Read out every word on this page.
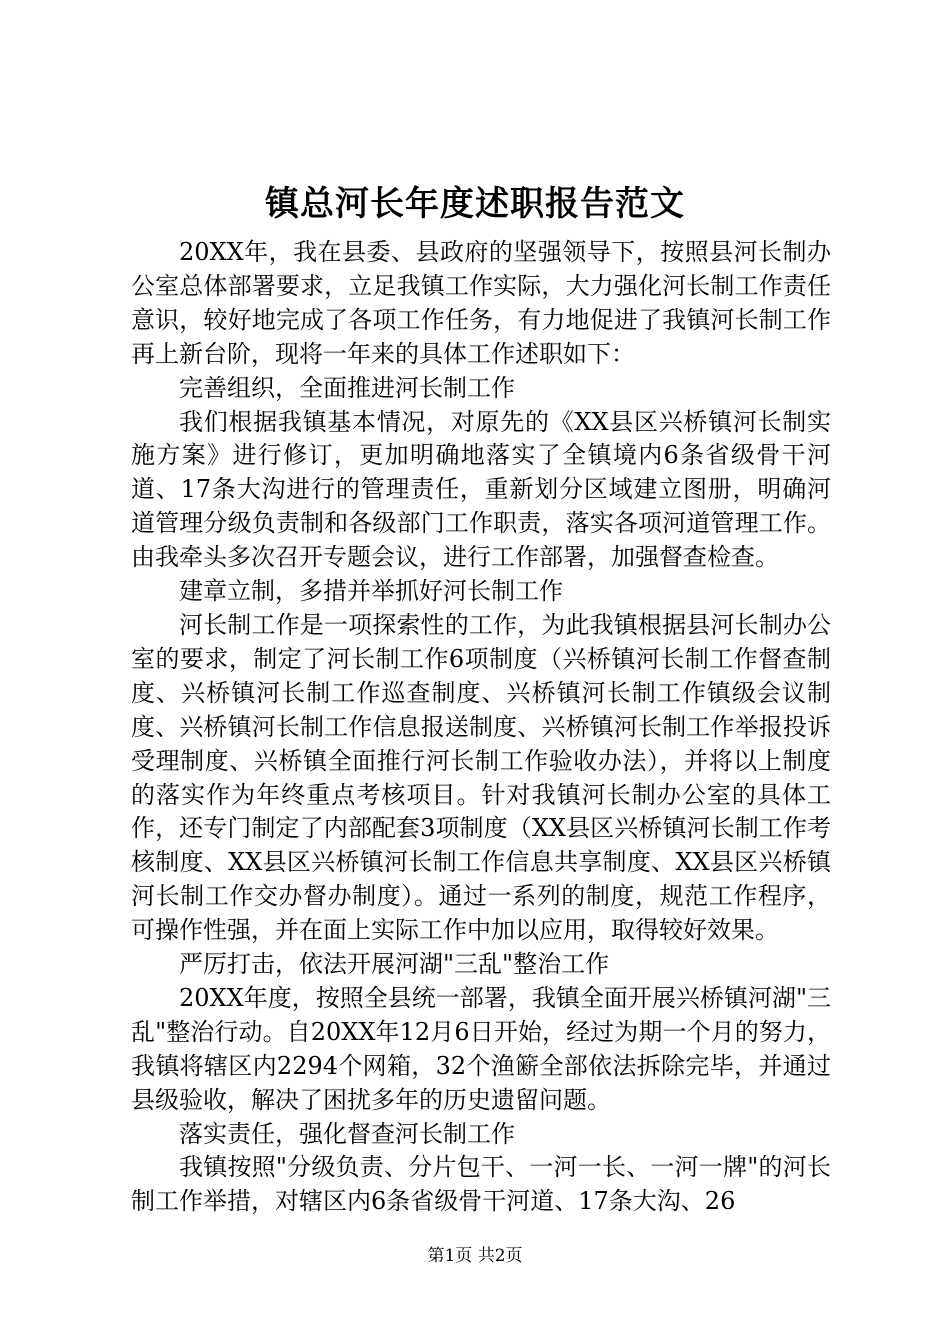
镇总河长年度述职报告范文

20XX年，我在县委、县政府的坚强领导下，按照县河长制办公室总体部署要求，立足我镇工作实际，大力强化河长制工作责任意识，较好地完成了各项工作任务，有力地促进了我镇河长制工作再上新台阶，现将一年来的具体工作述职如下：

完善组织，全面推进河长制工作

我们根据我镇基本情况，对原先的《XX县区兴桥镇河长制实施方案》进行修订，更加明确地落实了全镇境内6条省级骨干河道、17条大沟进行的管理责任，重新划分区域建立图册，明确河道管理分级负责制和各级部门工作职责，落实各项河道管理工作。由我牵头多次召开专题会议，进行工作部署，加强督查检查。

建章立制，多措并举抓好河长制工作

河长制工作是一项探索性的工作，为此我镇根据县河长制办公室的要求，制定了河长制工作6项制度（兴桥镇河长制工作督查制度、兴桥镇河长制工作巡查制度、兴桥镇河长制工作镇级会议制度、兴桥镇河长制工作信息报送制度、兴桥镇河长制工作举报投诉受理制度、兴桥镇全面推行河长制工作验收办法），并将以上制度的落实作为年终重点考核项目。针对我镇河长制办公室的具体工作，还专门制定了内部配套3项制度（XX县区兴桥镇河长制工作考核制度、XX县区兴桥镇河长制工作信息共享制度、XX县区兴桥镇河长制工作交办督办制度）。通过一系列的制度，规范工作程序，可操作性强，并在面上实际工作中加以应用，取得较好效果。

严厉打击，依法开展河湖"三乱"整治工作

20XX年度，按照全县统一部署，我镇全面开展兴桥镇河湖"三乱"整治行动。自20XX年12月6日开始，经过为期一个月的努力，我镇将辖区内2294个网箱，32个渔簖全部依法拆除完毕，并通过县级验收，解决了困扰多年的历史遗留问题。

落实责任，强化督查河长制工作

我镇按照"分级负责、分片包干、一河一长、一河一牌"的河长制工作举措，对辖区内6条省级骨干河道、17条大沟、26

第1页 共2页
